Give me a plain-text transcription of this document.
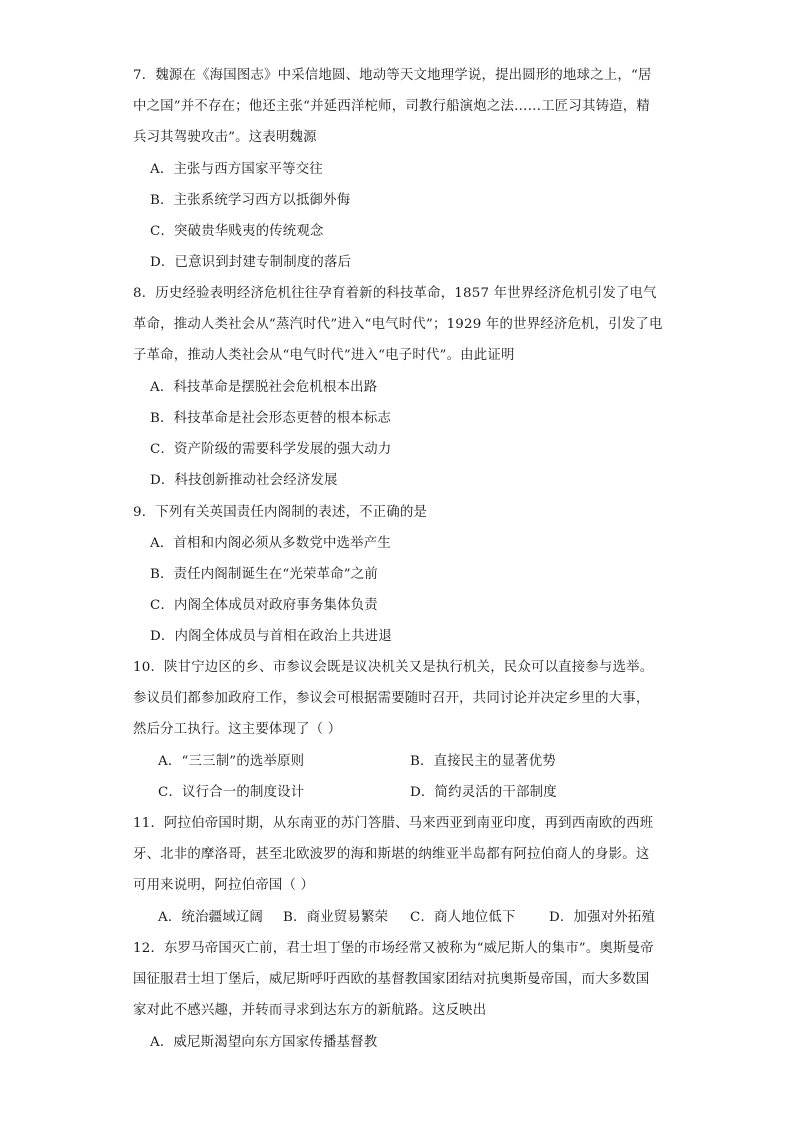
7．魏源在《海国图志》中采信地圆、地动等天文地理学说，提出圆形的地球之上，“居

中之国”并不存在；他还主张“并延西洋柁师，司教行船演炮之法……工匠习其铸造，精

兵习其驾驶攻击”。这表明魏源

A．主张与西方国家平等交往
B．主张系统学习西方以抵御外侮
C．突破贵华贱夷的传统观念
D．已意识到封建专制制度的落后

8．历史经验表明经济危机往往孕育着新的科技革命，1857 年世界经济危机引发了电气

革命，推动人类社会从“蒸汽时代”进入“电气时代”；1929 年的世界经济危机，引发了电

子革命，推动人类社会从“电气时代”进入“电子时代”。由此证明

A．科技革命是摆脱社会危机根本出路
B．科技革命是社会形态更替的根本标志
C．资产阶级的需要科学发展的强大动力
D．科技创新推动社会经济发展

9．下列有关英国责任内阁制的表述，不正确的是

A．首相和内阁必须从多数党中选举产生
B．责任内阁制诞生在“光荣革命”之前
C．内阁全体成员对政府事务集体负责
D．内阁全体成员与首相在政治上共进退

10．陕甘宁边区的乡、市参议会既是议决机关又是执行机关，民众可以直接参与选举。

参议员们都参加政府工作，参议会可根据需要随时召开，共同讨论并决定乡里的大事，

然后分工执行。这主要体现了（ ）

A．“三三制”的选举原则	B．直接民主的显著优势
C．议行合一的制度设计	D．简约灵活的干部制度

11．阿拉伯帝国时期，从东南亚的苏门答腊、马来西亚到南亚印度，再到西南欧的西班

牙、北非的摩洛哥，甚至北欧波罗的海和斯堪的纳维亚半岛都有阿拉伯商人的身影。这

可用来说明，阿拉伯帝国（ ）

A．统治疆域辽阔 B．商业贸易繁荣 C．商人地位低下 D．加强对外拓殖

12．东罗马帝国灭亡前，君士坦丁堡的市场经常又被称为“威尼斯人的集市”。奥斯曼帝

国征服君士坦丁堡后，威尼斯呼吁西欧的基督教国家团结对抗奥斯曼帝国，而大多数国

家对此不感兴趣，并转而寻求到达东方的新航路。这反映出

A．威尼斯渴望向东方国家传播基督教
